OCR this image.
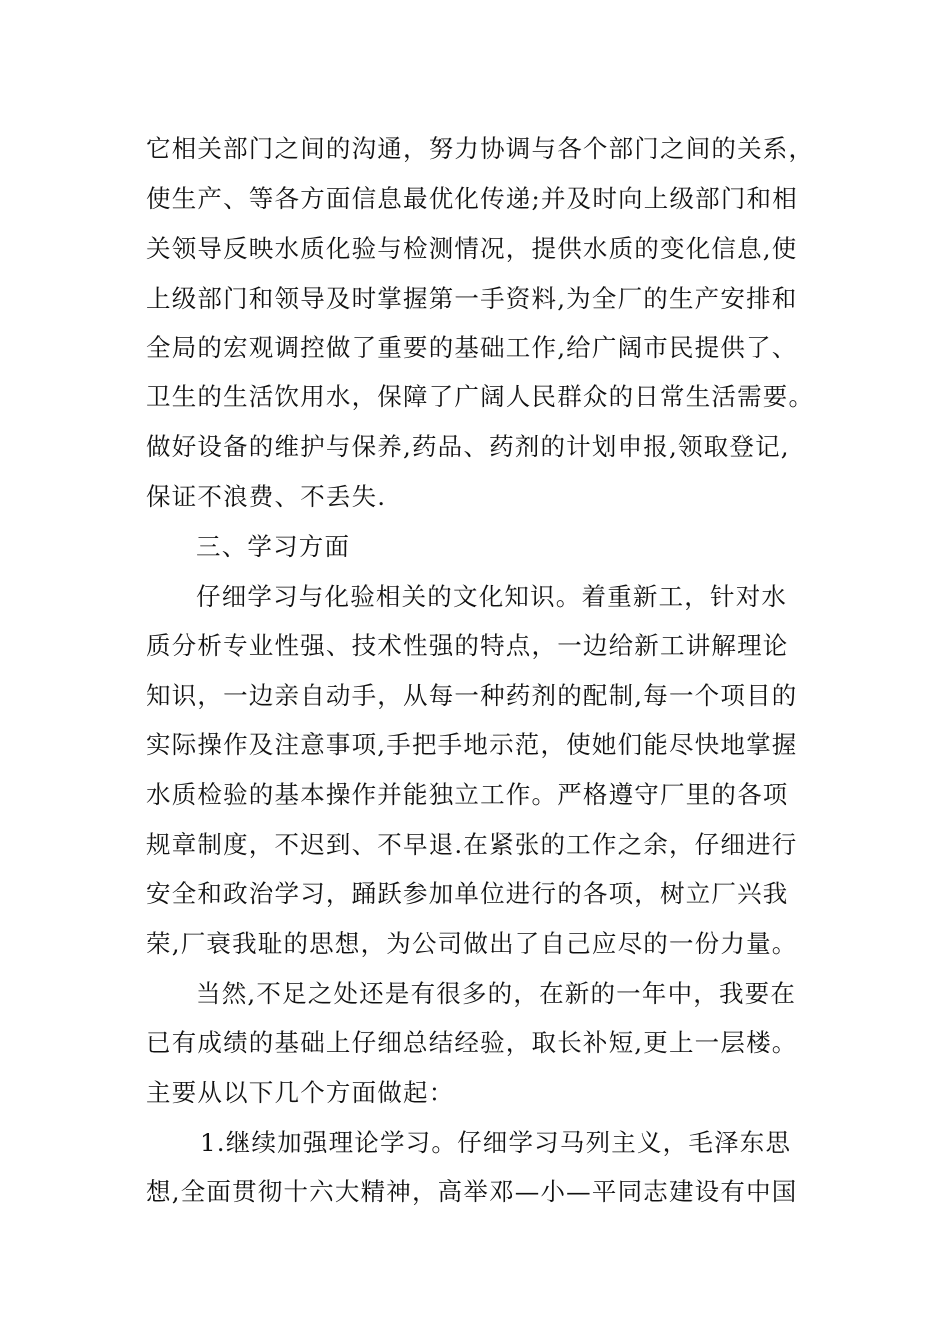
它相关部门之间的沟通，努力协调与各个部门之间的关系，
使生产、等各方面信息最优化传递;并及时向上级部门和相
关领导反映水质化验与检测情况，提供水质的变化信息,使
上级部门和领导及时掌握第一手资料,为全厂的生产安排和
全局的宏观调控做了重要的基础工作,给广阔市民提供了、
卫生的生活饮用水，保障了广阔人民群众的日常生活需要。
做好设备的维护与保养,药品、药剂的计划申报,领取登记,
保证不浪费、不丢失.
三、学习方面
仔细学习与化验相关的文化知识。着重新工，针对水
质分析专业性强、技术性强的特点，一边给新工讲解理论
知识，一边亲自动手，从每一种药剂的配制,每一个项目的
实际操作及注意事项,手把手地示范，使她们能尽快地掌握
水质检验的基本操作并能独立工作。严格遵守厂里的各项
规章制度，不迟到、不早退.在紧张的工作之余，仔细进行
安全和政治学习，踊跃参加单位进行的各项，树立厂兴我
荣,厂衰我耻的思想，为公司做出了自己应尽的一份力量。
当然,不足之处还是有很多的，在新的一年中，我要在
已有成绩的基础上仔细总结经验，取长补短,更上一层楼。
主要从以下几个方面做起：
1.继续加强理论学习。仔细学习马列主义，毛泽东思
想,全面贯彻十六大精神，高举邓—小—平同志建设有中国
